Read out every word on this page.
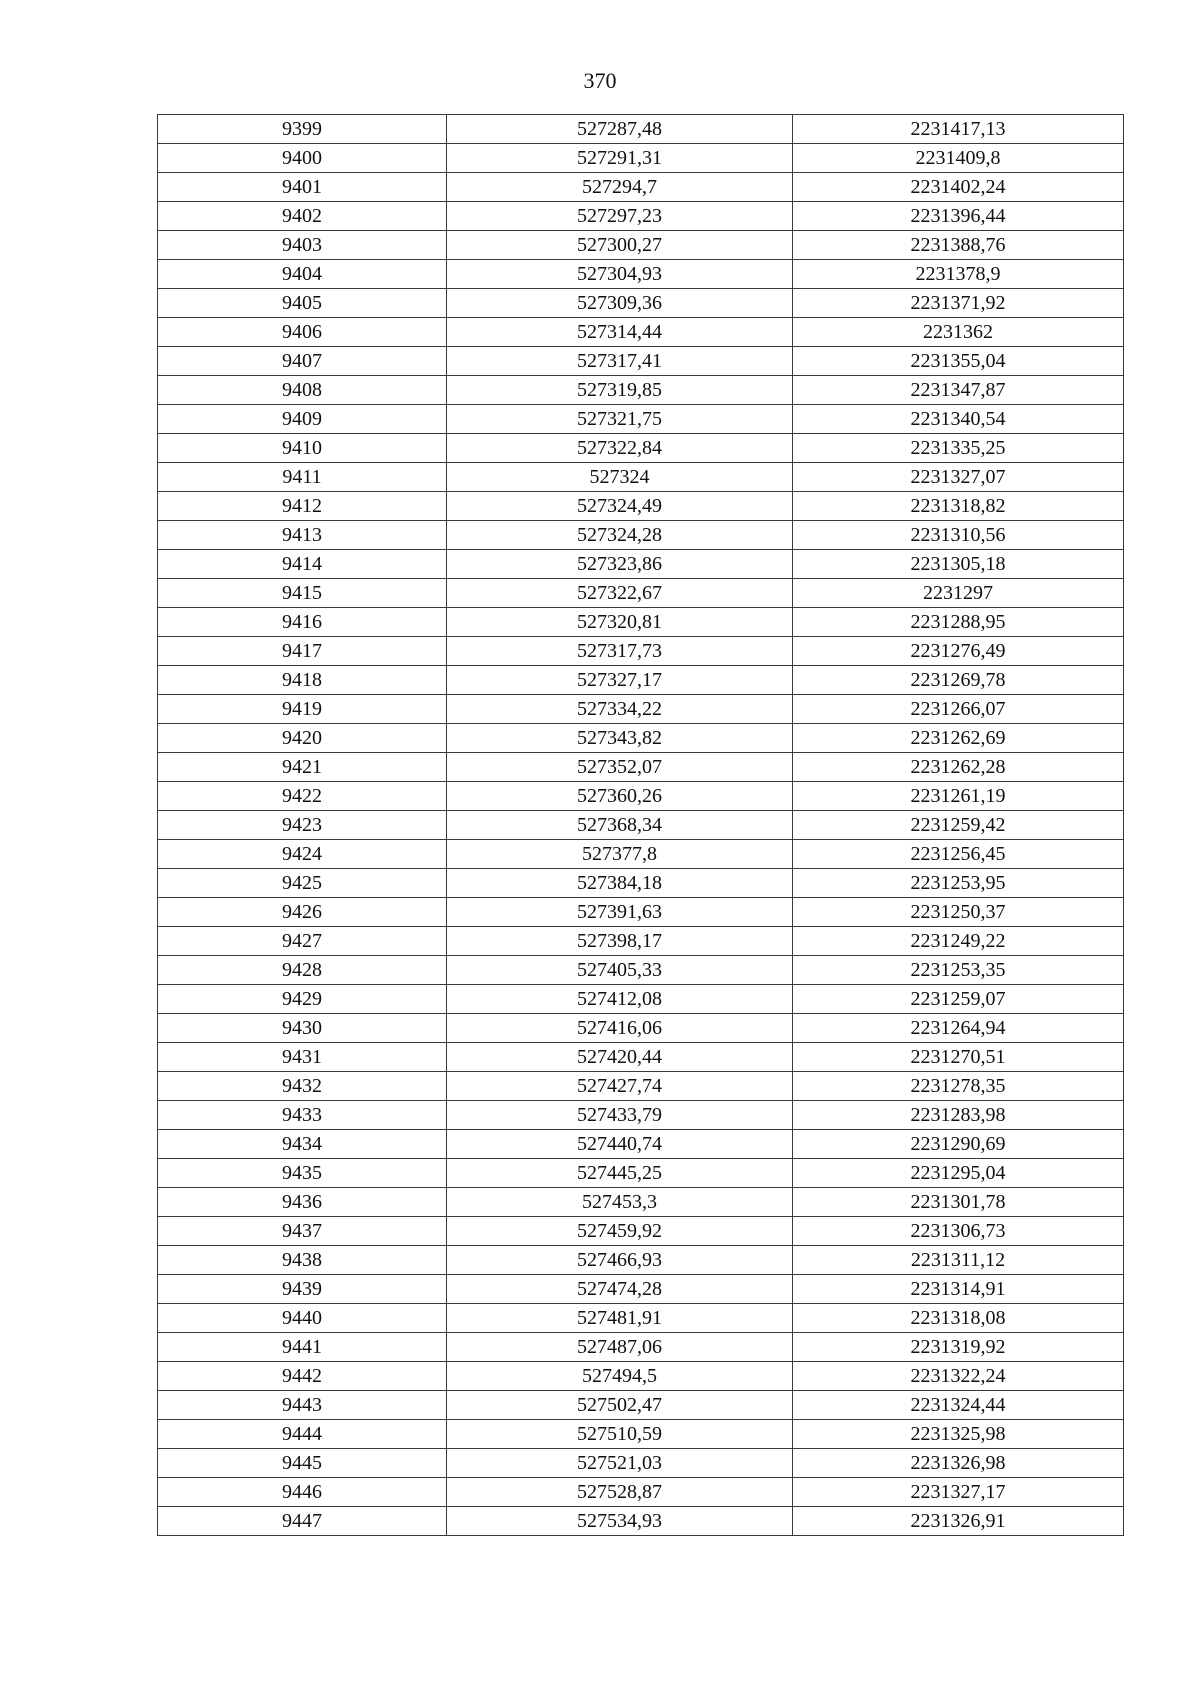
370
9399	527287,48	2231417,13
9400	527291,31	2231409,8
9401	527294,7	2231402,24
9402	527297,23	2231396,44
9403	527300,27	2231388,76
9404	527304,93	2231378,9
9405	527309,36	2231371,92
9406	527314,44	2231362
9407	527317,41	2231355,04
9408	527319,85	2231347,87
9409	527321,75	2231340,54
9410	527322,84	2231335,25
9411	527324	2231327,07
9412	527324,49	2231318,82
9413	527324,28	2231310,56
9414	527323,86	2231305,18
9415	527322,67	2231297
9416	527320,81	2231288,95
9417	527317,73	2231276,49
9418	527327,17	2231269,78
9419	527334,22	2231266,07
9420	527343,82	2231262,69
9421	527352,07	2231262,28
9422	527360,26	2231261,19
9423	527368,34	2231259,42
9424	527377,8	2231256,45
9425	527384,18	2231253,95
9426	527391,63	2231250,37
9427	527398,17	2231249,22
9428	527405,33	2231253,35
9429	527412,08	2231259,07
9430	527416,06	2231264,94
9431	527420,44	2231270,51
9432	527427,74	2231278,35
9433	527433,79	2231283,98
9434	527440,74	2231290,69
9435	527445,25	2231295,04
9436	527453,3	2231301,78
9437	527459,92	2231306,73
9438	527466,93	2231311,12
9439	527474,28	2231314,91
9440	527481,91	2231318,08
9441	527487,06	2231319,92
9442	527494,5	2231322,24
9443	527502,47	2231324,44
9444	527510,59	2231325,98
9445	527521,03	2231326,98
9446	527528,87	2231327,17
9447	527534,93	2231326,91
